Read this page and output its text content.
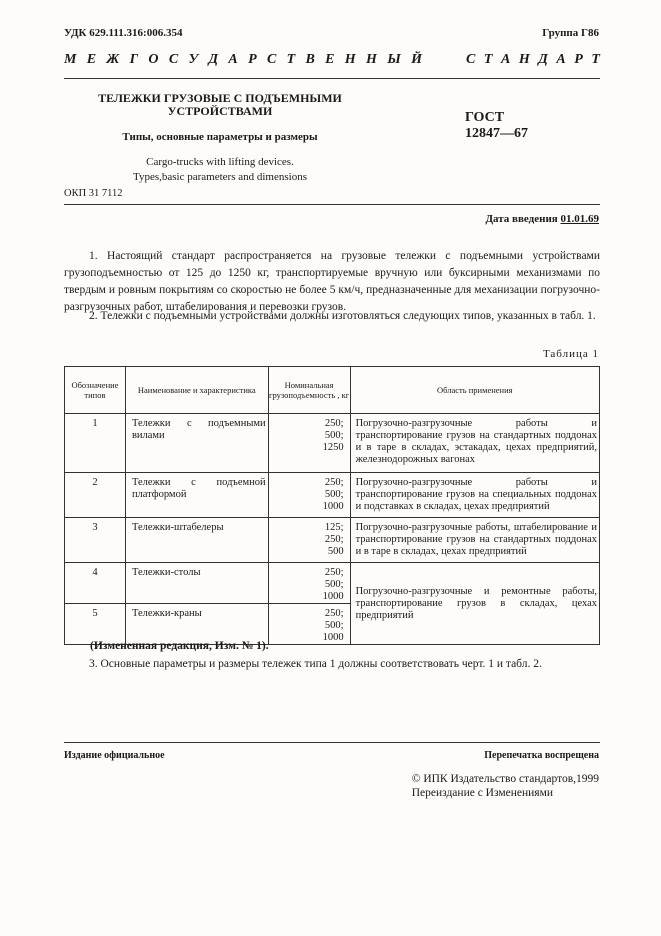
УДК 629.111.316:006.354	Группа Г86
М Е Ж Г О С У Д А Р С Т В Е Н Н Ы Й	С Т А Н Д А Р Т
ТЕЛЕЖКИ ГРУЗОВЫЕ С ПОДЪЕМНЫМИ
УСТРОЙСТВАМИ
Типы, основные параметры и размеры
Cargo-trucks with lifting devices.
Types,basic parameters and dimensions
ГОСТ
12847—67
ОКП 31 7112
Дата введения 01.01.69
1. Настоящий стандарт распространяется на грузовые тележки с подъемными устройствами грузоподъемностью от 125 до 1250 кг, транспортируемые вручную или буксирными механизмами по твердым и ровным покрытиям со скоростью не более 5 км/ч, предназначенные для механизации погрузочно-разгрузочных работ, штабелирования и перевозки грузов.
2. Тележки с подъемными устройствами должны изготовляться следующих типов, указанных в табл. 1.
Таблица 1
Обозначение типов	Наименование и характеристика	Номинальная грузоподъемность , кг	Область применения
1	Тележки с подъемными вилами	250;
500;
1250	Погрузочно-разгрузочные работы и транспортирование грузов на стандартных поддонах и в таре в складах, эстакадах, цехах предприятий, железнодорожных вагонах
2	Тележки с подъемной платформой	250;
500;
1000	Погрузочно-разгрузочные работы и транспортирование грузов на специальных поддонах и подставках в складах, цехах предприятий
3	Тележки-штабелеры	125;
250;
500	Погрузочно-разгрузочные работы, штабелирование и транспортирование грузов на стандартных поддонах и в таре в складах, цехах предприятий
4	Тележки-столы	250;
500;
1000	Погрузочно-разгрузочные и ремонтные работы, транспортирование грузов в складах, цехах предприятий
5	Тележки-краны	250;
500;
1000	
(Измененная редакция, Изм. № 1).
3. Основные параметры и размеры тележек типа 1 должны соответствовать черт. 1 и табл. 2.
Издание официальное	Перепечатка воспрещена
© ИПК Издательство стандартов,1999
Переиздание с Изменениями
